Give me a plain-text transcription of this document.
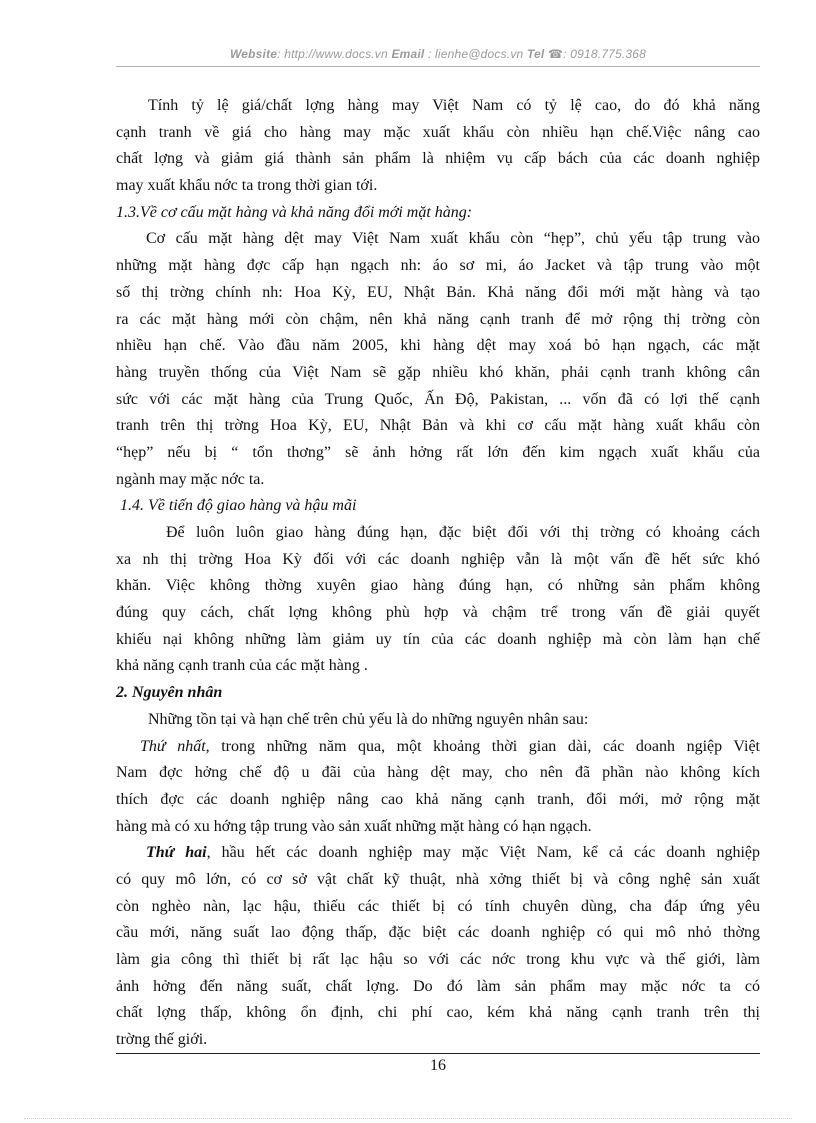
Website: http://www.docs.vn Email : lienhe@docs.vn Tel ☎: 0918.775.368
Tính tỷ lệ giá/chất lợng hàng may Việt Nam có tỷ lệ cao, do đó khả năng
cạnh tranh về giá cho hàng may mặc xuất khẩu còn nhiều hạn chế.Việc nâng cao
chất lợng và giảm giá thành sản phẩm là nhiệm vụ cấp bách của các doanh nghiệp
may xuất khẩu nớc ta trong thời gian tới.
1.3.Về cơ cấu mặt hàng và khả năng đổi mới mặt hàng:
Cơ cấu mặt hàng dệt may Việt Nam xuất khẩu còn “hẹp”, chủ yếu tập trung vào
những mặt hàng đợc cấp hạn ngạch nh: áo sơ mi, áo Jacket và tập trung vào một
số thị trờng chính nh: Hoa Kỳ, EU, Nhật Bản. Khả năng đổi mới mặt hàng và tạo
ra các mặt hàng mới còn chậm, nên khả năng cạnh tranh để mở rộng thị trờng còn
nhiều hạn chế. Vào đầu năm 2005, khi hàng dệt may xoá bỏ hạn ngạch, các mặt
hàng truyền thống của Việt Nam sẽ gặp nhiều khó khăn, phải cạnh tranh không cân
sức với các mặt hàng của Trung Quốc, Ấn Độ, Pakistan, ... vốn đã có lợi thế cạnh
tranh trên thị trờng Hoa Kỳ, EU, Nhật Bản và khi cơ cấu mặt hàng xuất khẩu còn
“hẹp” nếu bị “ tổn thơng” sẽ ảnh hởng rất lớn đến kim ngạch xuất khẩu của
ngành may mặc nớc ta.
1.4. Về tiến độ giao hàng và hậu mãi
Để luôn luôn giao hàng đúng hạn, đặc biệt đối với thị trờng có khoảng cách
xa nh thị trờng Hoa Kỳ đối với các doanh nghiệp vẫn là một vấn đề hết sức khó
khăn. Việc không thờng xuyên giao hàng đúng hạn, có những sản phẩm không
đúng quy cách, chất lợng không phù hợp và chậm trể trong vấn đề giải quyết
khiếu nại không những làm giảm uy tín của các doanh nghiệp mà còn làm hạn chế
khả năng cạnh tranh của các mặt hàng .
2. Nguyên nhân
Những tồn tại và hạn chế trên chủ yếu là do những nguyên nhân sau:
Thứ nhất, trong những năm qua, một khoảng thời gian dài, các doanh ngiệp Việt
Nam đợc hởng chế độ u đãi của hàng dệt may, cho nên đã phần nào không kích
thích đợc các doanh nghiệp nâng cao khả năng cạnh tranh, đổi mới, mở rộng mặt
hàng mà có xu hớng tập trung vào sản xuất những mặt hàng có hạn ngạch.
Thứ hai, hầu hết các doanh nghiệp may mặc Việt Nam, kể cả các doanh nghiệp
có quy mô lớn, có cơ sở vật chất kỹ thuật, nhà xởng thiết bị và công nghệ sản xuất
còn nghèo nàn, lạc hậu, thiếu các thiết bị có tính chuyên dùng, cha đáp ứng yêu
cầu mới, năng suất lao động thấp, đặc biệt các doanh nghiệp có qui mô nhỏ thờng
làm gia công thì thiết bị rất lạc hậu so với các nớc trong khu vực và thế giới, làm
ảnh hởng đến năng suất, chất lợng. Do đó làm sản phẩm may mặc nớc ta có
chất lợng thấp, không ổn định, chi phí cao, kém khả năng cạnh tranh trên thị
trờng thế giới.
16
